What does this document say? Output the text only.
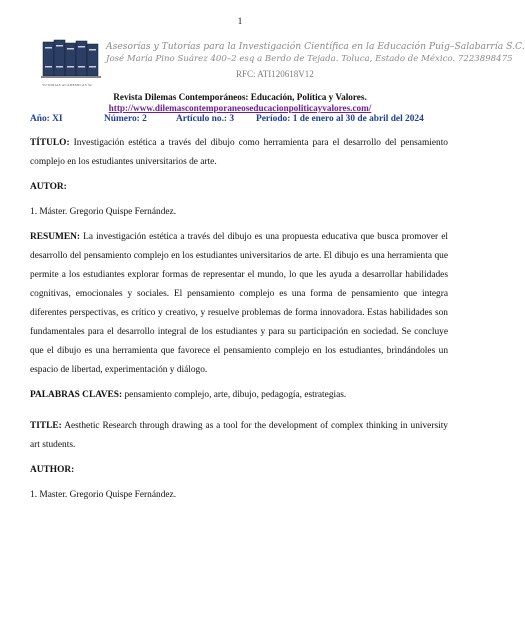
1
TUTORIAS ACADEMICAS SC
Asesorías y Tutorías para la Investigación Científica en la Educación Puig–Salabarría S.C.
José María Pino Suárez 400–2 esq a Berdo de Tejada. Toluca, Estado de México. 7223898475
RFC: ATI120618V12
Revista Dilemas Contemporáneos: Educación, Política y Valores.
http://www.dilemascontemporaneoseducacionpoliticayvalores.com/
Año: XI	Número: 2	Artículo no.: 3 Período: 1 de enero al 30 de abril del 2024

TÍTULO: Investigación estética a través del dibujo como herramienta para el desarrollo del pensamiento complejo en los estudiantes universitarios de arte.

AUTOR:

1. Máster. Gregorio Quispe Fernández.

RESUMEN: La investigación estética a través del dibujo es una propuesta educativa que busca promover el desarrollo del pensamiento complejo en los estudiantes universitarios de arte. El dibujo es una herramienta que permite a los estudiantes explorar formas de representar el mundo, lo que les ayuda a desarrollar habilidades cognitivas, emocionales y sociales. El pensamiento complejo es una forma de pensamiento que integra diferentes perspectivas, es crítico y creativo, y resuelve problemas de forma innovadora. Estas habilidades son fundamentales para el desarrollo integral de los estudiantes y para su participación en sociedad. Se concluye que el dibujo es una herramienta que favorece el pensamiento complejo en los estudiantes, brindándoles un espacio de libertad, experimentación y diálogo.

PALABRAS CLAVES: pensamiento complejo, arte, dibujo, pedagogía, estrategias.

TITLE: Aesthetic Research through drawing as a tool for the development of complex thinking in university art students.

AUTHOR:

1. Master. Gregorio Quispe Fernández.
